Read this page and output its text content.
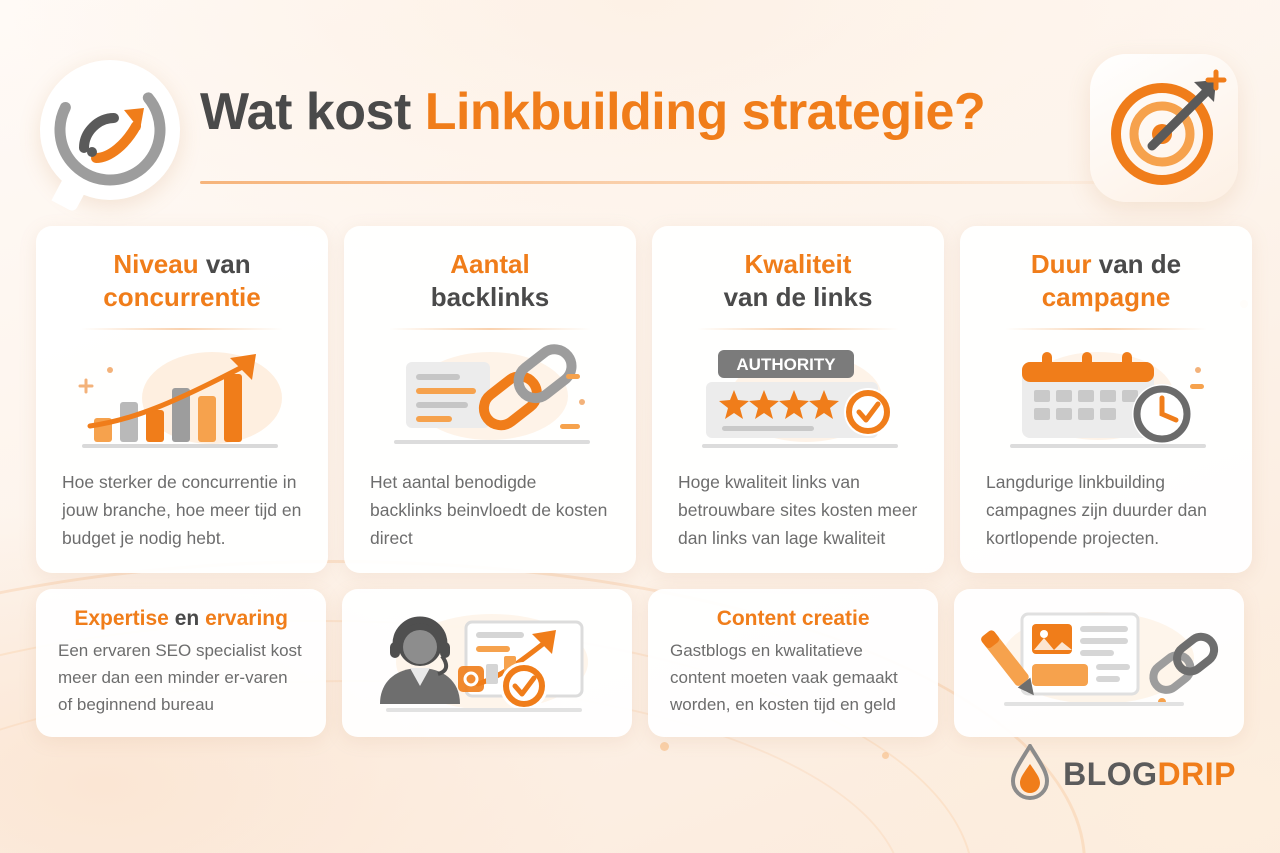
Wat kost Linkbuilding strategie?
Niveau van
concurrentie
Hoe sterker de concurrentie in jouw branche, hoe meer tijd en budget je nodig hebt.
Aantal
backlinks
Het aantal benodigde backlinks beinvloedt de kosten direct
Kwaliteit
van de links
AUTHORITY
Hoge kwaliteit links van betrouwbare sites kosten meer dan links van lage kwaliteit
Duur van de
campagne
Langdurige linkbuilding campagnes zijn duurder dan kortlopende projecten.
Expertise en ervaring
Een ervaren SEO specialist kost meer dan een minder er-varen of beginnend bureau
Content creatie
Gastblogs en kwalitatieve content moeten vaak gemaakt worden, en kosten tijd en geld
BLOGDRIP
